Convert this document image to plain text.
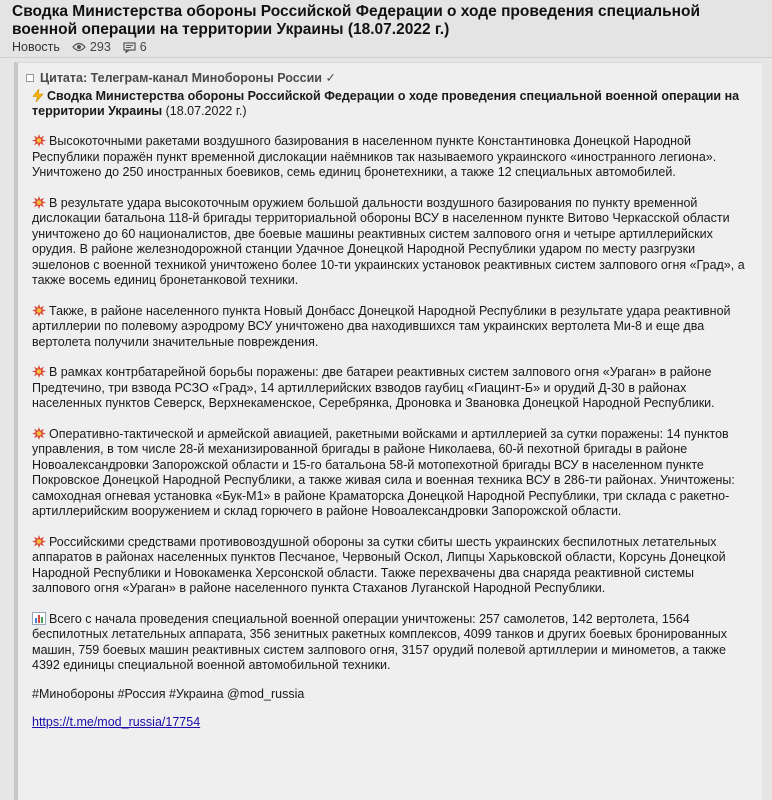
Сводка Министерства обороны Российской Федерации о ходе проведения специальной военной операции на территории Украины (18.07.2022 г.)
Новость 293 6
Цитата: Телеграм-канал Минобороны России ✓
Сводка Министерства обороны Российской Федерации о ходе проведения специальной военной операции на территории Украины (18.07.2022 г.)
Высокоточными ракетами воздушного базирования в населенном пункте Константиновка Донецкой Народной Республики поражён пункт временной дислокации наёмников так называемого украинского «иностранного легиона». Уничтожено до 250 иностранных боевиков, семь единиц бронетехники, а также 12 специальных автомобилей.
В результате удара высокоточным оружием большой дальности воздушного базирования по пункту временной дислокации батальона 118-й бригады территориальной обороны ВСУ в населенном пункте Витово Черкасской области уничтожено до 60 националистов, две боевые машины реактивных систем залпового огня и четыре артиллерийских орудия. В районе железнодорожной станции Удачное Донецкой Народной Республики ударом по месту разгрузки эшелонов с военной техникой уничтожено более 10-ти украинских установок реактивных систем залпового огня «Град», а также восемь единиц бронетанковой техники.
Также, в районе населенного пункта Новый Донбасс Донецкой Народной Республики в результате удара реактивной артиллерии по полевому аэродрому ВСУ уничтожено два находившихся там украинских вертолета Ми-8 и еще два вертолета получили значительные повреждения.
В рамках контрбатарейной борьбы поражены: две батареи реактивных систем залпового огня «Ураган» в районе Предтечино, три взвода РСЗО «Град», 14 артиллерийских взводов гаубиц «Гиацинт-Б» и орудий Д-30 в районах населенных пунктов Северск, Верхнекаменское, Серебрянка, Дроновка и Звановка Донецкой Народной Республики.
Оперативно-тактической и армейской авиацией, ракетными войсками и артиллерией за сутки поражены: 14 пунктов управления, в том числе 28-й механизированной бригады в районе Николаева, 60-й пехотной бригады в районе Новоалександровки Запорожской области и 15-го батальона 58-й мотопехотной бригады ВСУ в населенном пункте Покровское Донецкой Народной Республики, а также живая сила и военная техника ВСУ в 286-ти районах. Уничтожены: самоходная огневая установка «Бук-М1» в районе Краматорска Донецкой Народной Республики, три склада с ракетно-артиллерийским вооружением и склад горючего в районе Новоалександровки Запорожской области.
Российскими средствами противовоздушной обороны за сутки сбиты шесть украинских беспилотных летательных аппаратов в районах населенных пунктов Песчаное, Червоный Оскол, Липцы Харьковской области, Корсунь Донецкой Народной Республики и Новокаменка Херсонской области. Также перехвачены два снаряда реактивной системы залпового огня «Ураган» в районе населенного пункта Стаханов Луганской Народной Республики.
Всего с начала проведения специальной военной операции уничтожены: 257 самолетов, 142 вертолета, 1564 беспилотных летательных аппарата, 356 зенитных ракетных комплексов, 4099 танков и других боевых бронированных машин, 759 боевых машин реактивных систем залпового огня, 3157 орудий полевой артиллерии и минометов, а также 4392 единицы специальной военной автомобильной техники.
#Минобороны #Россия #Украина @mod_russia
https://t.me/mod_russia/17754
